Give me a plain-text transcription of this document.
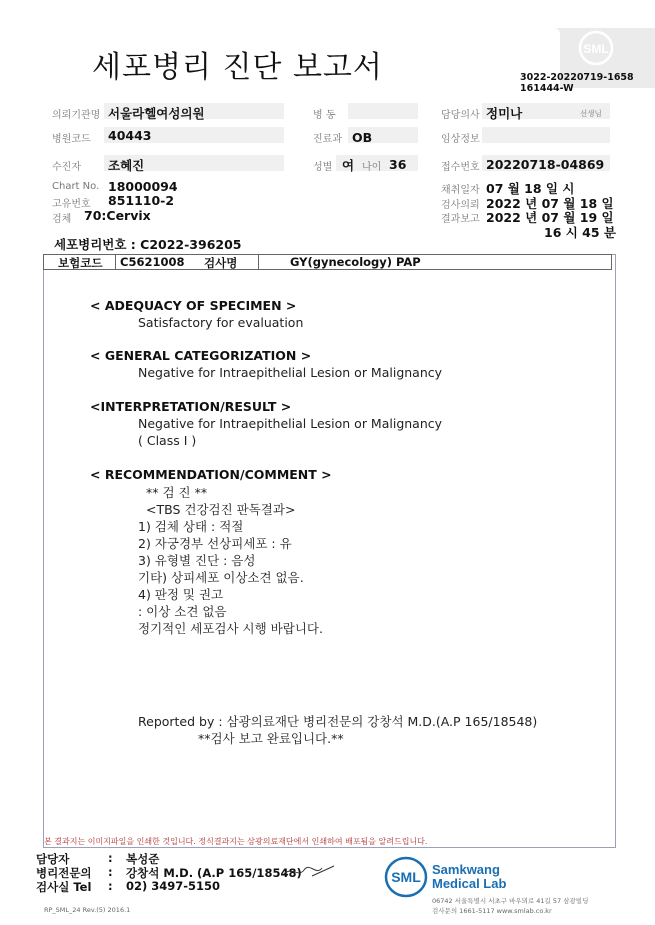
세포병리 진단 보고서
SML
3022-20220719-1658
161444-W
의뢰기관명 서울라헬여성의원	병 동	담당의사 정미나	선생님
병원코드 40443	진료과 OB	임상정보
수진자 조혜진	성별 여 나이 36	접수번호 20220718-04869
Chart No. 18000094
고유번호 851110-2
검체 70:Cervix
채취일자 07 월 18 일 시
검사의뢰 2022 년 07 월 18 일
결과보고 2022 년 07 월 19 일
16 시 45 분
세포병리번호 : C2022-396205
보험코드 C5621008 검사명	GY(gynecology) PAP
< ADEQUACY OF SPECIMEN >
Satisfactory for evaluation
< GENERAL CATEGORIZATION >
Negative for Intraepithelial Lesion or Malignancy
<INTERPRETATION/RESULT >
Negative for Intraepithelial Lesion or Malignancy
( Class I )
< RECOMMENDATION/COMMENT >
** 검 진 **
<TBS 건강검진 판독결과>
1) 검체 상태 : 적절
2) 자궁경부 선상피세포 : 유
3) 유형별 진단 : 음성
기타) 상피세포 이상소견 없음.
4) 판정 및 권고
: 이상 소견 없음
정기적인 세포검사 시행 바랍니다.
Reported by : 삼광의료재단 병리전문의 강창석 M.D.(A.P 165/18548)
**검사 보고 완료입니다.**
본 결과지는 이미지파일을 인쇄한 것입니다. 정식결과지는 삼광의료재단에서 인쇄하여 배포됨을 알려드립니다.
담당자	: 복성준
병리전문의 : 강창석 M.D. (A.P 165/18548)
검사실 Tel : 02) 3497-5150
RP_SML_24 Rev.(5) 2016.1
SML Samkwang
Medical Lab
06742 서울특별시 서초구 바우뫼로 41길 57 삼광빌딩
검사문의 1661-5117 www.smlab.co.kr
